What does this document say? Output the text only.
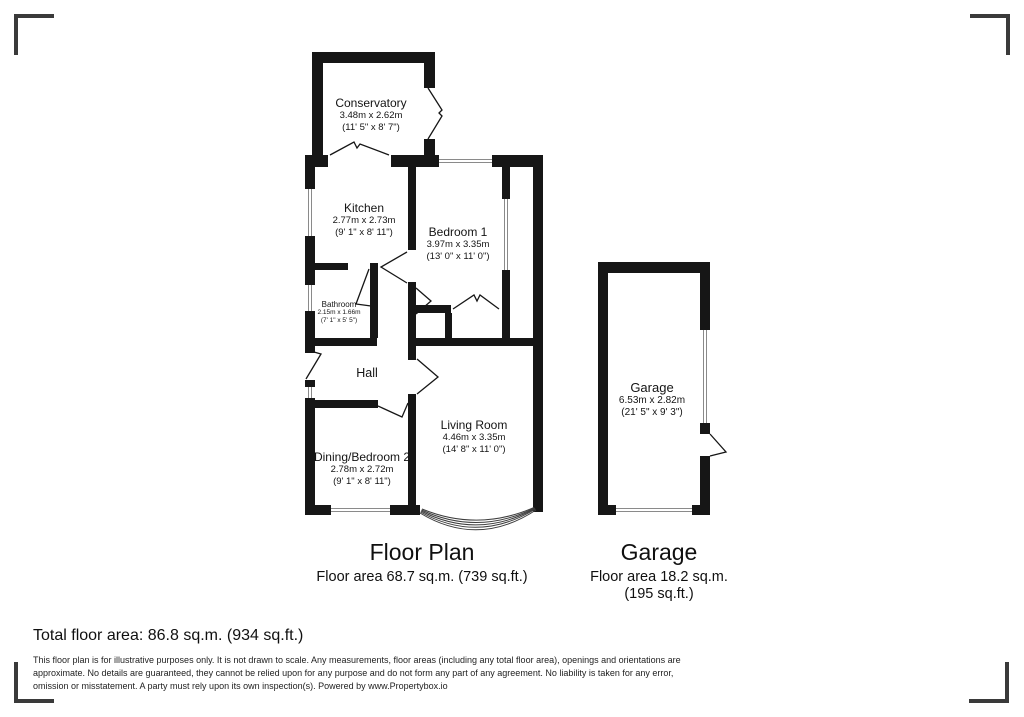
Conservatory
3.48m x 2.62m
(11' 5" x 8' 7")
Kitchen
2.77m x 2.73m
(9' 1" x 8' 11")	Bedroom 1
3.97m x 3.35m
(13' 0" x 11' 0")
Bathroom
2.15m x 1.66m
(7' 1" x 5' 5")
Hall
Dining/Bedroom 2
2.78m x 2.72m
(9' 1" x 8' 11")
Living Room
4.46m x 3.35m
(14' 8" x 11' 0")
Garage
6.53m x 2.82m
(21' 5" x 9' 3")
Floor Plan
Floor area 68.7 sq.m. (739 sq.ft.)
Garage
Floor area 18.2 sq.m.
(195 sq.ft.)
Total floor area: 86.8 sq.m. (934 sq.ft.)
This floor plan is for illustrative purposes only. It is not drawn to scale. Any measurements, floor areas (including any total floor area), openings and orientations are
approximate. No details are guaranteed, they cannot be relied upon for any purpose and do not form any part of any agreement. No liability is taken for any error,
omission or misstatement. A party must rely upon its own inspection(s). Powered by www.Propertybox.io
